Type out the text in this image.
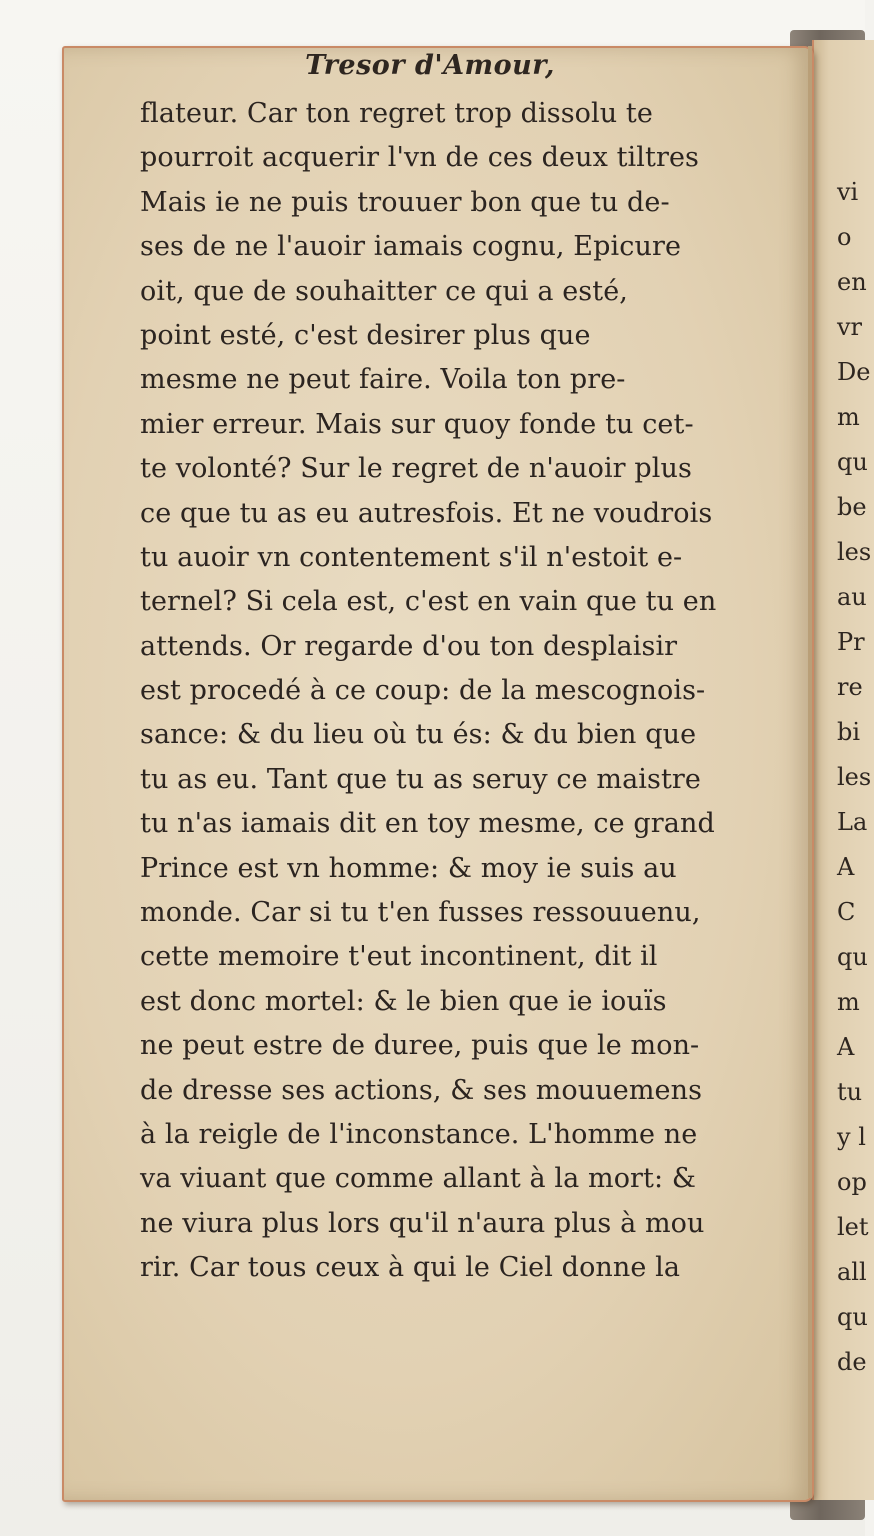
Tresor d'Amour,
flateur. Car ton regret trop dissolu te
pourroit acquerir l'vn de ces deux tiltres
Mais ie ne puis trouuer bon que tu de-
ses de ne l'auoir iamais cognu, Epicure
oit, que de souhaitter ce qui a esté,
point esté, c'est desirer plus que
mesme ne peut faire. Voila ton pre-
mier erreur. Mais sur quoy fonde tu cet-
te volonté? Sur le regret de n'auoir plus
ce que tu as eu autresfois. Et ne voudrois
tu auoir vn contentement s'il n'estoit e-
ternel? Si cela est, c'est en vain que tu en
attends. Or regarde d'ou ton desplaisir
est procedé à ce coup: de la mescognois-
sance: & du lieu où tu és: & du bien que
tu as eu. Tant que tu as seruy ce maistre
tu n'as iamais dit en toy mesme, ce grand
Prince est vn homme: & moy ie suis au
monde. Car si tu t'en fusses ressouuenu,
cette memoire t'eut incontinent, dit il
est donc mortel: & le bien que ie iouïs
ne peut estre de duree, puis que le mon-
de dresse ses actions, & ses mouuemens
à la reigle de l'inconstance. L'homme ne
va viuant que comme allant à la mort: &
ne viura plus lors qu'il n'aura plus à mou
rir. Car tous ceux à qui le Ciel donne la
vi
o
en
vr
De
m
qu
be
les
au
Pr
re
bi
les
La
A
C
qu
m
A
tu
y l
op
let
all
qu
de
